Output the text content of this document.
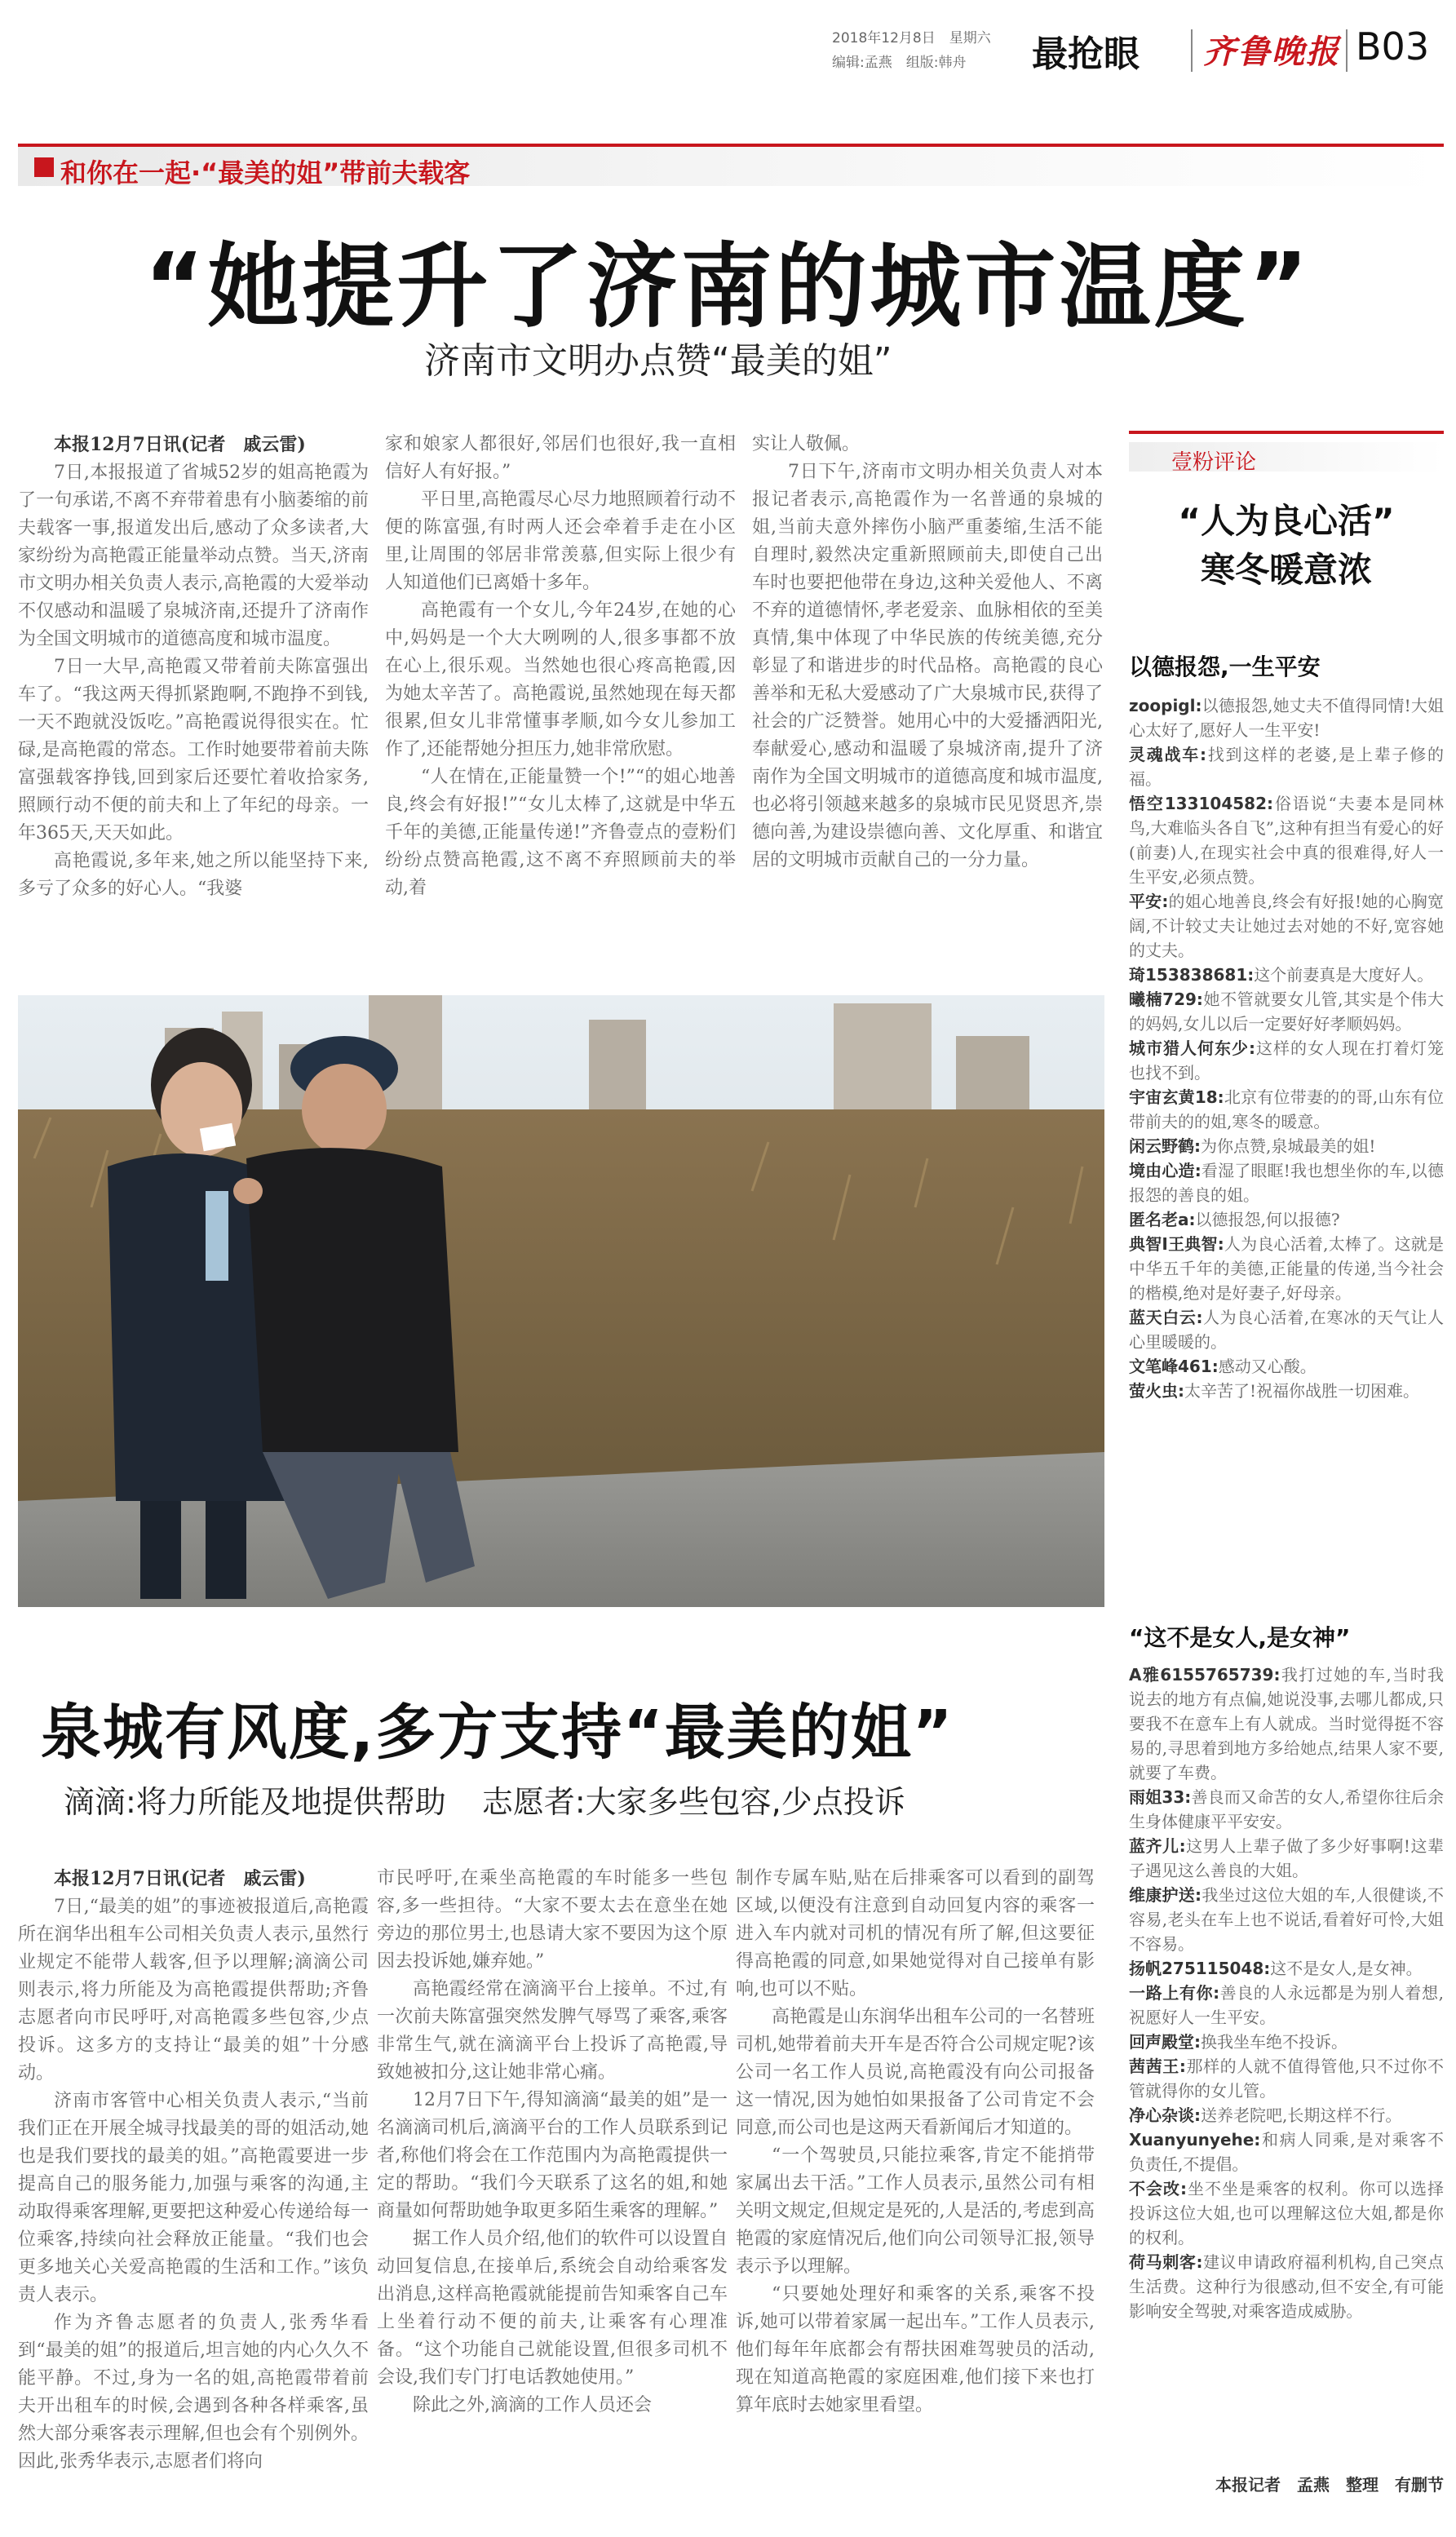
2018年12月8日　星期六
编辑:孟燕　组版:韩舟 最抢眼 齐鲁晚报 B03
和你在一起·“最美的姐”带前夫载客
“她提升了济南的城市温度”
济南市文明办点赞“最美的姐”

本报12月7日讯(记者　戚云雷)

7日,本报报道了省城52岁的姐高艳霞为了一句承诺,不离不弃带着患有小脑萎缩的前夫载客一事,报道发出后,感动了众多读者,大家纷纷为高艳霞正能量举动点赞。当天,济南市文明办相关负责人表示,高艳霞的大爱举动不仅感动和温暖了泉城济南,还提升了济南作为全国文明城市的道德高度和城市温度。

7日一大早,高艳霞又带着前夫陈富强出车了。“我这两天得抓紧跑啊,不跑挣不到钱,一天不跑就没饭吃。”高艳霞说得很实在。忙碌,是高艳霞的常态。工作时她要带着前夫陈富强载客挣钱,回到家后还要忙着收拾家务,照顾行动不便的前夫和上了年纪的母亲。一年365天,天天如此。

高艳霞说,多年来,她之所以能坚持下来,多亏了众多的好心人。“我婆

家和娘家人都很好,邻居们也很好,我一直相信好人有好报。”

平日里,高艳霞尽心尽力地照顾着行动不便的陈富强,有时两人还会牵着手走在小区里,让周围的邻居非常羡慕,但实际上很少有人知道他们已离婚十多年。

高艳霞有一个女儿,今年24岁,在她的心中,妈妈是一个大大咧咧的人,很多事都不放在心上,很乐观。当然她也很心疼高艳霞,因为她太辛苦了。高艳霞说,虽然她现在每天都很累,但女儿非常懂事孝顺,如今女儿参加工作了,还能帮她分担压力,她非常欣慰。

“人在情在,正能量赞一个!”“的姐心地善良,终会有好报!”“女儿太棒了,这就是中华五千年的美德,正能量传递!”齐鲁壹点的壹粉们纷纷点赞高艳霞,这不离不弃照顾前夫的举动,着

实让人敬佩。

7日下午,济南市文明办相关负责人对本报记者表示,高艳霞作为一名普通的泉城的姐,当前夫意外摔伤小脑严重萎缩,生活不能自理时,毅然决定重新照顾前夫,即使自己出车时也要把他带在身边,这种关爱他人、不离不弃的道德情怀,孝老爱亲、血脉相依的至美真情,集中体现了中华民族的传统美德,充分彰显了和谐进步的时代品格。高艳霞的良心善举和无私大爱感动了广大泉城市民,获得了社会的广泛赞誉。她用心中的大爱播洒阳光,奉献爱心,感动和温暖了泉城济南,提升了济南作为全国文明城市的道德高度和城市温度,也必将引领越来越多的泉城市民见贤思齐,崇德向善,为建设崇德向善、文化厚重、和谐宜居的文明城市贡献自己的一分力量。

◀寒风刺骨,高艳霞主动站到陈富强前面为他挡风。本报记者戚云雷　摄
泉城有风度,多方支持“最美的姐”
滴滴:将力所能及地提供帮助 志愿者:大家多些包容,少点投诉

本报12月7日讯(记者　戚云雷)

7日,“最美的姐”的事迹被报道后,高艳霞所在润华出租车公司相关负责人表示,虽然行业规定不能带人载客,但予以理解;滴滴公司则表示,将力所能及为高艳霞提供帮助;齐鲁志愿者向市民呼吁,对高艳霞多些包容,少点投诉。这多方的支持让“最美的姐”十分感动。

济南市客管中心相关负责人表示,“当前我们正在开展全城寻找最美的哥的姐活动,她也是我们要找的最美的姐。”高艳霞要进一步提高自己的服务能力,加强与乘客的沟通,主动取得乘客理解,更要把这种爱心传递给每一位乘客,持续向社会释放正能量。“我们也会更多地关心关爱高艳霞的生活和工作。”该负责人表示。

作为齐鲁志愿者的负责人,张秀华看到“最美的姐”的报道后,坦言她的内心久久不能平静。不过,身为一名的姐,高艳霞带着前夫开出租车的时候,会遇到各种各样乘客,虽然大部分乘客表示理解,但也会有个别例外。因此,张秀华表示,志愿者们将向

市民呼吁,在乘坐高艳霞的车时能多一些包容,多一些担待。“大家不要太去在意坐在她旁边的那位男士,也恳请大家不要因为这个原因去投诉她,嫌弃她。”

高艳霞经常在滴滴平台上接单。不过,有一次前夫陈富强突然发脾气辱骂了乘客,乘客非常生气,就在滴滴平台上投诉了高艳霞,导致她被扣分,这让她非常心痛。

12月7日下午,得知滴滴“最美的姐”是一名滴滴司机后,滴滴平台的工作人员联系到记者,称他们将会在工作范围内为高艳霞提供一定的帮助。“我们今天联系了这名的姐,和她商量如何帮助她争取更多陌生乘客的理解。”

据工作人员介绍,他们的软件可以设置自动回复信息,在接单后,系统会自动给乘客发出消息,这样高艳霞就能提前告知乘客自己车上坐着行动不便的前夫,让乘客有心理准备。“这个功能自己就能设置,但很多司机不会设,我们专门打电话教她使用。”

除此之外,滴滴的工作人员还会

制作专属车贴,贴在后排乘客可以看到的副驾区域,以便没有注意到自动回复内容的乘客一进入车内就对司机的情况有所了解,但这要征得高艳霞的同意,如果她觉得对自己接单有影响,也可以不贴。

高艳霞是山东润华出租车公司的一名替班司机,她带着前夫开车是否符合公司规定呢?该公司一名工作人员说,高艳霞没有向公司报备这一情况,因为她怕如果报备了公司肯定不会同意,而公司也是这两天看新闻后才知道的。

“一个驾驶员,只能拉乘客,肯定不能捎带家属出去干活。”工作人员表示,虽然公司有相关明文规定,但规定是死的,人是活的,考虑到高艳霞的家庭情况后,他们向公司领导汇报,领导表示予以理解。

“只要她处理好和乘客的关系,乘客不投诉,她可以带着家属一起出车。”工作人员表示,他们每年年底都会有帮扶困难驾驶员的活动,现在知道高艳霞的家庭困难,他们接下来也打算年底时去她家里看望。

壹粉评论
“人为良心活”
寒冬暖意浓
以德报怨,一生平安
zoopigl:以德报怨,她丈夫不值得同情!大姐心太好了,愿好人一生平安!
灵魂战车:找到这样的老婆,是上辈子修的福。
悟空133104582:俗语说“夫妻本是同林鸟,大难临头各自飞”,这种有担当有爱心的好(前妻)人,在现实社会中真的很难得,好人一生平安,必须点赞。
平安:的姐心地善良,终会有好报!她的心胸宽阔,不计较丈夫让她过去对她的不好,宽容她的丈夫。
琦153838681:这个前妻真是大度好人。
曦楠729:她不管就要女儿管,其实是个伟大的妈妈,女儿以后一定要好好孝顺妈妈。
城市猎人何东少:这样的女人现在打着灯笼也找不到。
宇宙玄黄18:北京有位带妻的的哥,山东有位带前夫的的姐,寒冬的暖意。
闲云野鹤:为你点赞,泉城最美的姐!
境由心造:看湿了眼眶!我也想坐你的车,以德报怨的善良的姐。
匿名老a:以德报怨,何以报德?
典智I王典智:人为良心活着,太棒了。这就是中华五千年的美德,正能量的传递,当今社会的楷模,绝对是好妻子,好母亲。
蓝天白云:人为良心活着,在寒冰的天气让人心里暖暖的。
文笔峰461:感动又心酸。
萤火虫:太辛苦了!祝福你战胜一切困难。
“这不是女人,是女神”
A雅6155765739:我打过她的车,当时我说去的地方有点偏,她说没事,去哪儿都成,只要我不在意车上有人就成。当时觉得挺不容易的,寻思着到地方多给她点,结果人家不要,就要了车费。
雨姐33:善良而又命苦的女人,希望你往后余生身体健康平平安安。
蓝齐儿:这男人上辈子做了多少好事啊!这辈子遇见这么善良的大姐。
维康护送:我坐过这位大姐的车,人很健谈,不容易,老头在车上也不说话,看着好可怜,大姐不容易。
扬帆275115048:这不是女人,是女神。
一路上有你:善良的人永远都是为别人着想,祝愿好人一生平安。
回声殿堂:换我坐车绝不投诉。
茜茜王:那样的人就不值得管他,只不过你不管就得你的女儿管。
净心杂谈:送养老院吧,长期这样不行。
Xuanyunyehe:和病人同乘,是对乘客不负责任,不提倡。
不会改:坐不坐是乘客的权利。你可以选择投诉这位大姐,也可以理解这位大姐,都是你的权利。
荷马刺客:建议申请政府福利机构,自己突点生活费。这种行为很感动,但不安全,有可能影响安全驾驶,对乘客造成威胁。
本报记者　孟燕　整理　有删节
